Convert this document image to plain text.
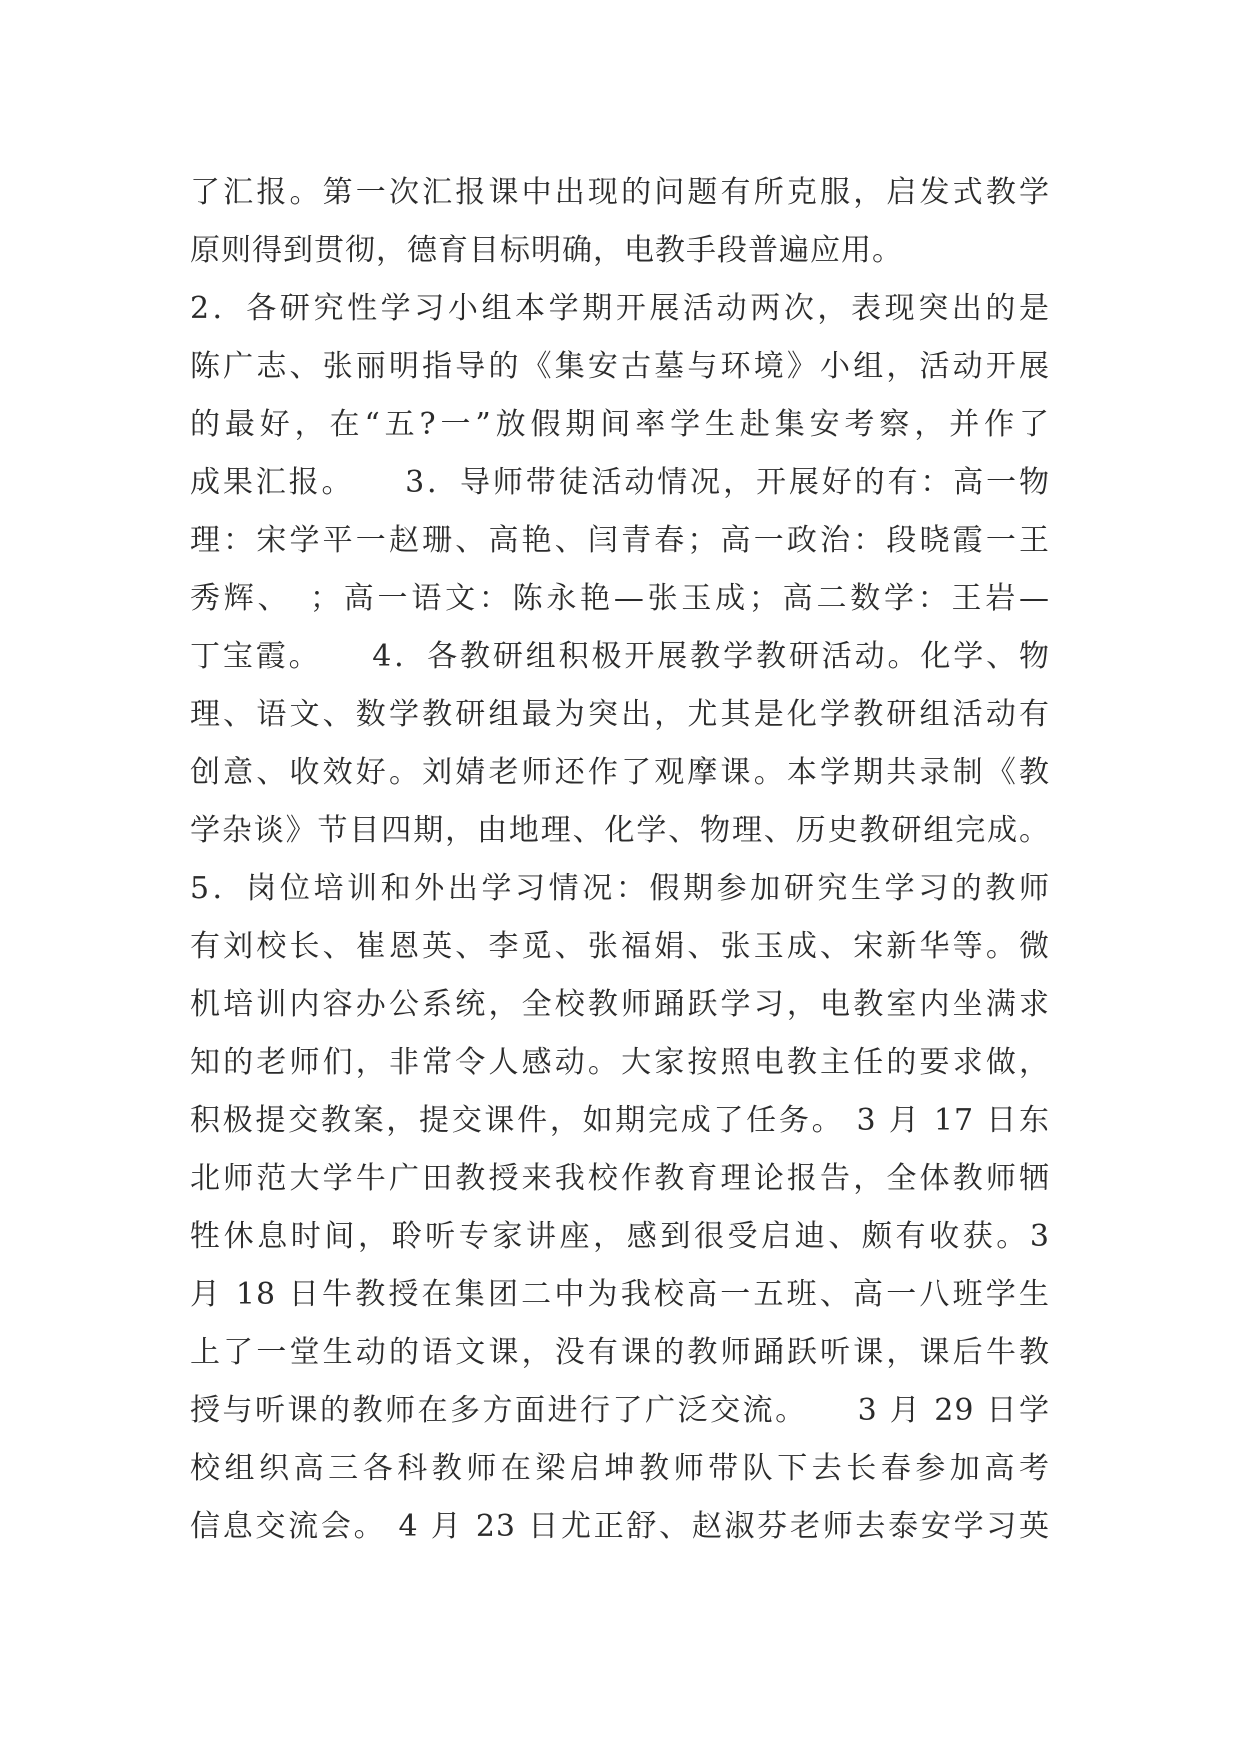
了汇报。第一次汇报课中出现的问题有所克服，启发式教学
原则得到贯彻，德育目标明确，电教手段普遍应用。
2．各研究性学习小组本学期开展活动两次，表现突出的是
陈广志、张丽明指导的《集安古墓与环境》小组，活动开展
的最好，在“五?一”放假期间率学生赴集安考察，并作了
成果汇报。　　3．导师带徒活动情况，开展好的有：高一物
理：宋学平一赵珊、高艳、闫青春；高一政治：段晓霞一王
秀辉、　；高一语文：陈永艳—张玉成；高二数学：王岩—
丁宝霞。　　4．各教研组积极开展教学教研活动。化学、物
理、语文、数学教研组最为突出，尤其是化学教研组活动有
创意、收效好。刘婧老师还作了观摩课。本学期共录制《教
学杂谈》节目四期，由地理、化学、物理、历史教研组完成。
5．岗位培训和外出学习情况：假期参加研究生学习的教师
有刘校长、崔恩英、李觅、张福娟、张玉成、宋新华等。微
机培训内容办公系统，全校教师踊跃学习，电教室内坐满求
知的老师们，非常令人感动。大家按照电教主任的要求做，
积极提交教案，提交课件，如期完成了任务。 3 月 17 日东
北师范大学牛广田教授来我校作教育理论报告，全体教师牺
牲休息时间，聆听专家讲座，感到很受启迪、颇有收获。3
月 18 日牛教授在集团二中为我校高一五班、高一八班学生
上了一堂生动的语文课，没有课的教师踊跃听课，课后牛教
授与听课的教师在多方面进行了广泛交流。　　3 月 29 日学
校组织高三各科教师在梁启坤教师带队下去长春参加高考
信息交流会。 4 月 23 日尤正舒、赵淑芬老师去泰安学习英
